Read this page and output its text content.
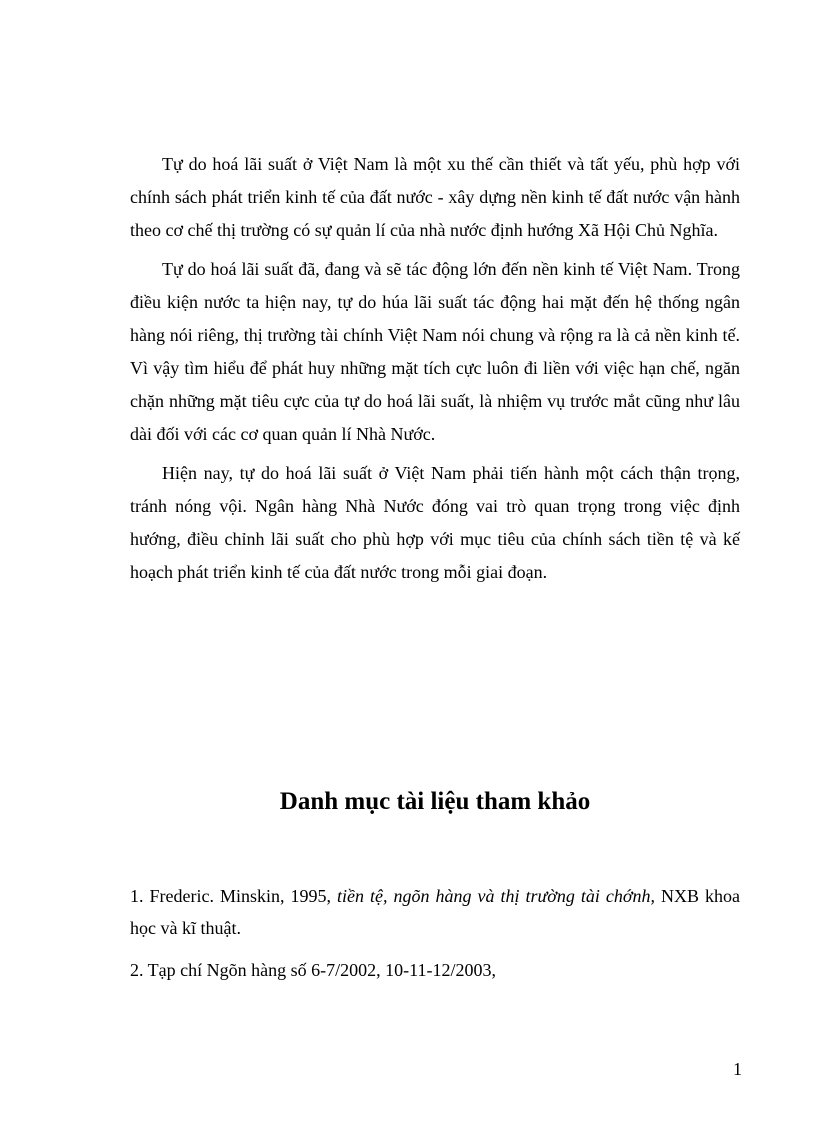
Tự do hoá lãi suất ở Việt Nam là một xu thế cần thiết và tất yếu, phù hợp với chính sách phát triển kinh tế của đất nước - xây dựng nền kinh tế đất nước vận hành theo cơ chế thị trường có sự quản lí của nhà nước định hướng Xã Hội Chủ Nghĩa.

Tự do hoá lãi suất đã, đang và sẽ tác động lớn đến nền kinh tế Việt Nam. Trong điều kiện nước ta hiện nay, tự do húa lãi suất tác động hai mặt đến hệ thống ngân hàng nói riêng, thị trường tài chính Việt Nam nói chung và rộng ra là cả nền kinh tế. Vì vậy tìm hiểu để phát huy những mặt tích cực luôn đi liền với việc hạn chế, ngăn chặn những mặt tiêu cực của tự do hoá lãi suất, là nhiệm vụ trước mắt cũng như lâu dài đối với các cơ quan quản lí Nhà Nước.

Hiện nay, tự do hoá lãi suất ở Việt Nam phải tiến hành một cách thận trọng, tránh nóng vội. Ngân hàng Nhà Nước đóng vai trò quan trọng trong việc định hướng, điều chỉnh lãi suất cho phù hợp với mục tiêu của chính sách tiền tệ và kế hoạch phát triển kinh tế của đất nước trong mỗi giai đoạn.

Danh mục tài liệu tham khảo

1. Frederic. Minskin, 1995, tiền tệ, ngõn hàng và thị trường tài chớnh, NXB khoa học và kĩ thuật.

2. Tạp chí Ngõn hàng số 6-7/2002, 10-11-12/2003,

1
